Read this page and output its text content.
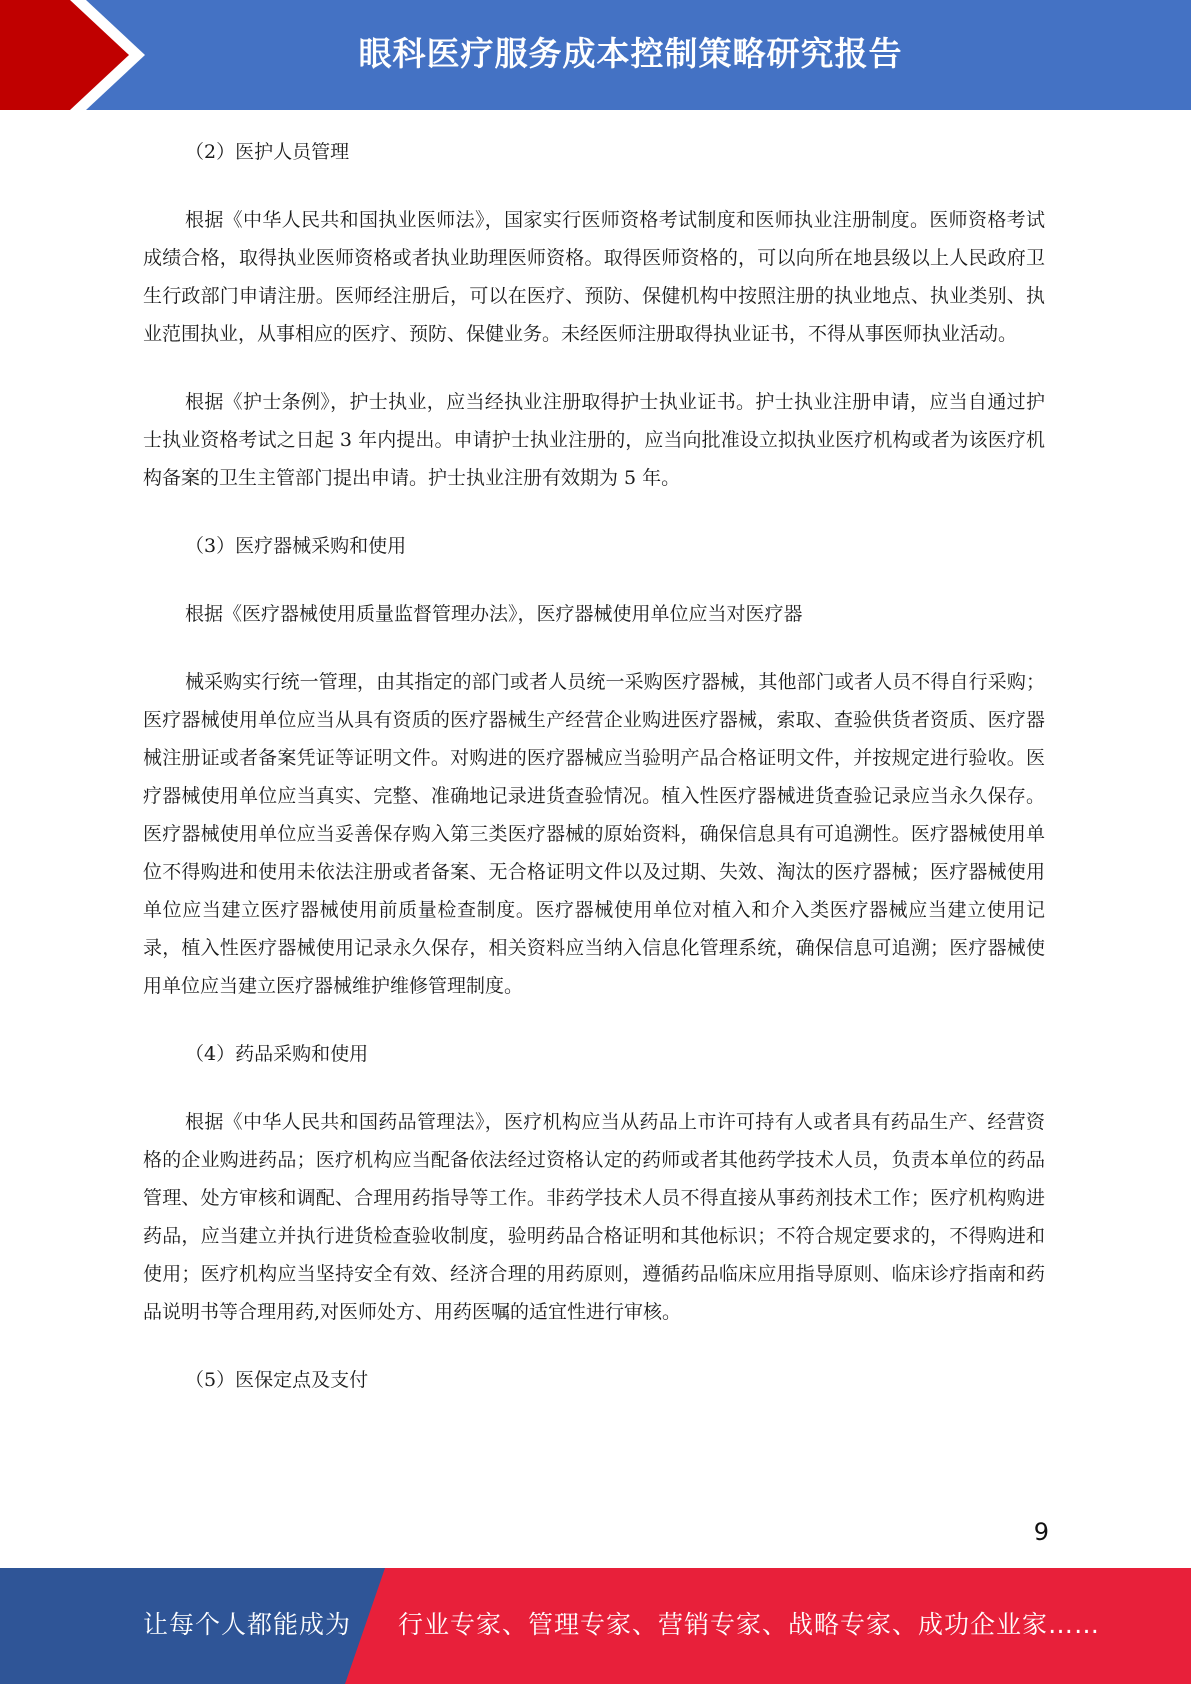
眼科医疗服务成本控制策略研究报告

（2）医护人员管理

根据《中华人民共和国执业医师法》，国家实行医师资格考试制度和医师执业注册制度。医师资格考试成绩合格，取得执业医师资格或者执业助理医师资格。取得医师资格的，可以向所在地县级以上人民政府卫生行政部门申请注册。医师经注册后，可以在医疗、预防、保健机构中按照注册的执业地点、执业类别、执业范围执业，从事相应的医疗、预防、保健业务。未经医师注册取得执业证书，不得从事医师执业活动。

根据《护士条例》，护士执业，应当经执业注册取得护士执业证书。护士执业注册申请，应当自通过护士执业资格考试之日起 3 年内提出。申请护士执业注册的，应当向批准设立拟执业医疗机构或者为该医疗机构备案的卫生主管部门提出申请。护士执业注册有效期为 5 年。

（3）医疗器械采购和使用

根据《医疗器械使用质量监督管理办法》，医疗器械使用单位应当对医疗器

械采购实行统一管理，由其指定的部门或者人员统一采购医疗器械，其他部门或者人员不得自行采购；医疗器械使用单位应当从具有资质的医疗器械生产经营企业购进医疗器械，索取、查验供货者资质、医疗器械注册证或者备案凭证等证明文件。对购进的医疗器械应当验明产品合格证明文件，并按规定进行验收。医疗器械使用单位应当真实、完整、准确地记录进货查验情况。植入性医疗器械进货查验记录应当永久保存。医疗器械使用单位应当妥善保存购入第三类医疗器械的原始资料，确保信息具有可追溯性。医疗器械使用单位不得购进和使用未依法注册或者备案、无合格证明文件以及过期、失效、淘汰的医疗器械；医疗器械使用单位应当建立医疗器械使用前质量检查制度。医疗器械使用单位对植入和介入类医疗器械应当建立使用记录，植入性医疗器械使用记录永久保存，相关资料应当纳入信息化管理系统，确保信息可追溯；医疗器械使用单位应当建立医疗器械维护维修管理制度。

（4）药品采购和使用

根据《中华人民共和国药品管理法》，医疗机构应当从药品上市许可持有人或者具有药品生产、经营资格的企业购进药品；医疗机构应当配备依法经过资格认定的药师或者其他药学技术人员，负责本单位的药品管理、处方审核和调配、合理用药指导等工作。非药学技术人员不得直接从事药剂技术工作；医疗机构购进药品，应当建立并执行进货检查验收制度，验明药品合格证明和其他标识；不符合规定要求的，不得购进和使用；医疗机构应当坚持安全有效、经济合理的用药原则，遵循药品临床应用指导原则、临床诊疗指南和药品说明书等合理用药,对医师处方、用药医嘱的适宜性进行审核。

（5）医保定点及支付

9
让每个人都能成为 行业专家、管理专家、营销专家、战略专家、成功企业家……
